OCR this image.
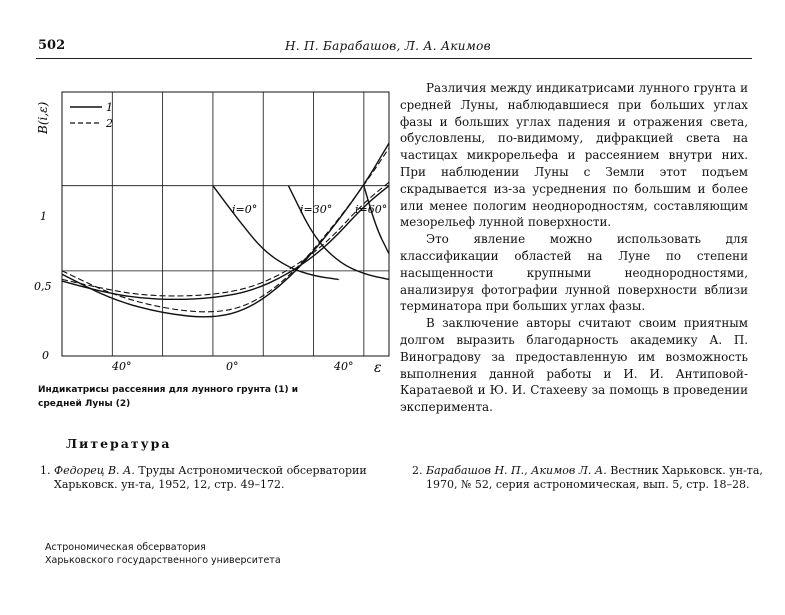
502	Н. П. Барабашов, Л. А. Акимов
1
2
B(i,ε)
ε
0
0,5
1
40°	0°	40°
i=0°	i=30° i=60°
Индикатрисы рассеяния для лунного грунта (1) и
средней Луны (2)

Различия между индикатрисами лунного грунта и средней Луны, наблюдавшиеся при больших углах фазы и больших углах падения и отражения света, обусловлены, по-видимому, дифракцией света на частицах микрорельефа и рассеянием внутри них. При наблюдении Луны с Земли этот подъем скрадывается из-за усреднения по большим и более или менее пологим неоднородностям, составляющим мезорельеф лунной поверхности.

Это явление можно использовать для классификации областей на Луне по степени насыщенности крупными неоднородностями, анализируя фотографии лунной поверхности вблизи терминатора при больших углах фазы.

В заключение авторы считают своим приятным долгом выразить благодарность академику А. П. Виноградову за предоставленную им возможность выполнения данной работы и И. И. Антиповой-Каратаевой и Ю. И. Стахееву за помощь в проведении эксперимента.

Литература
1. Федорец В. А. Труды Астрономической обсерватории Харьковск. ун-та, 1952, 12, стр. 49–172.
2. Барабашов Н. П., Акимов Л. А. Вестник Харьковск. ун-та, 1970, № 52, серия астрономическая, вып. 5, стр. 18–28.
Астрономическая обсерватория
Харьковского государственного университета
